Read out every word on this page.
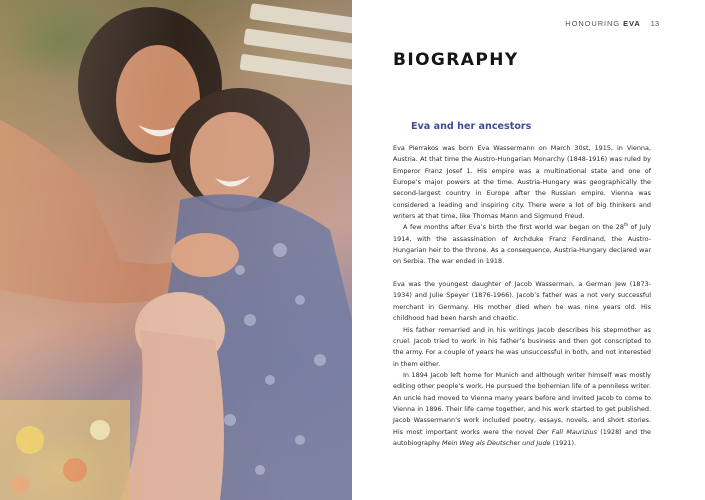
HONOURING EVA 13
BIOGRAPHY
Eva and her ancestors

Eva Pierrakos was born Eva Wassermann on March 30st, 1915, in Vienna, Austria. At that time the Austro-Hungarian Monarchy (1848-1916) was ruled by Emperor Franz Josef 1. His empire was a multinational state and one of Europe’s major powers at the time. Austria-Hungary was geographically the second-largest country in Europe after the Russian empire. Vienna was considered a leading and inspiring city. There were a lot of big thinkers and writers at that time, like Thomas Mann and Sigmund Freud.

A few months after Eva’s birth the first world war began on the 28th of July 1914, with the assassination of Archduke Franz Ferdinand, the Austro-Hungarian heir to the throne. As a consequence, Austria-Hungary declared war on Serbia. The war ended in 1918.

Eva was the youngest daughter of Jacob Wasserman, a German Jew (1873-1934) and Julie Speyer (1876-1966). Jacob’s father was a not very successful merchant in Germany. His mother died when he was nine years old. His childhood had been harsh and chaotic.

His father remarried and in his writings Jacob describes his stepmother as cruel. Jacob tried to work in his father’s business and then got conscripted to the army. For a couple of years he was unsuccessful in both, and not interested in them either.

In 1894 Jacob left home for Munich and although writer himself was mostly editing other people’s work. He pursued the bohemian life of a penniless writer. An uncle had moved to Vienna many years before and invited Jacob to come to Vienna in 1896. Their life came together, and his work started to get published. Jacob Wassermann’s work included poetry, essays, novels, and short stories. His most important works were the novel Der Fall Maurizius (1928) and the autobiography Mein Weg als Deutscher und Jude (1921).
